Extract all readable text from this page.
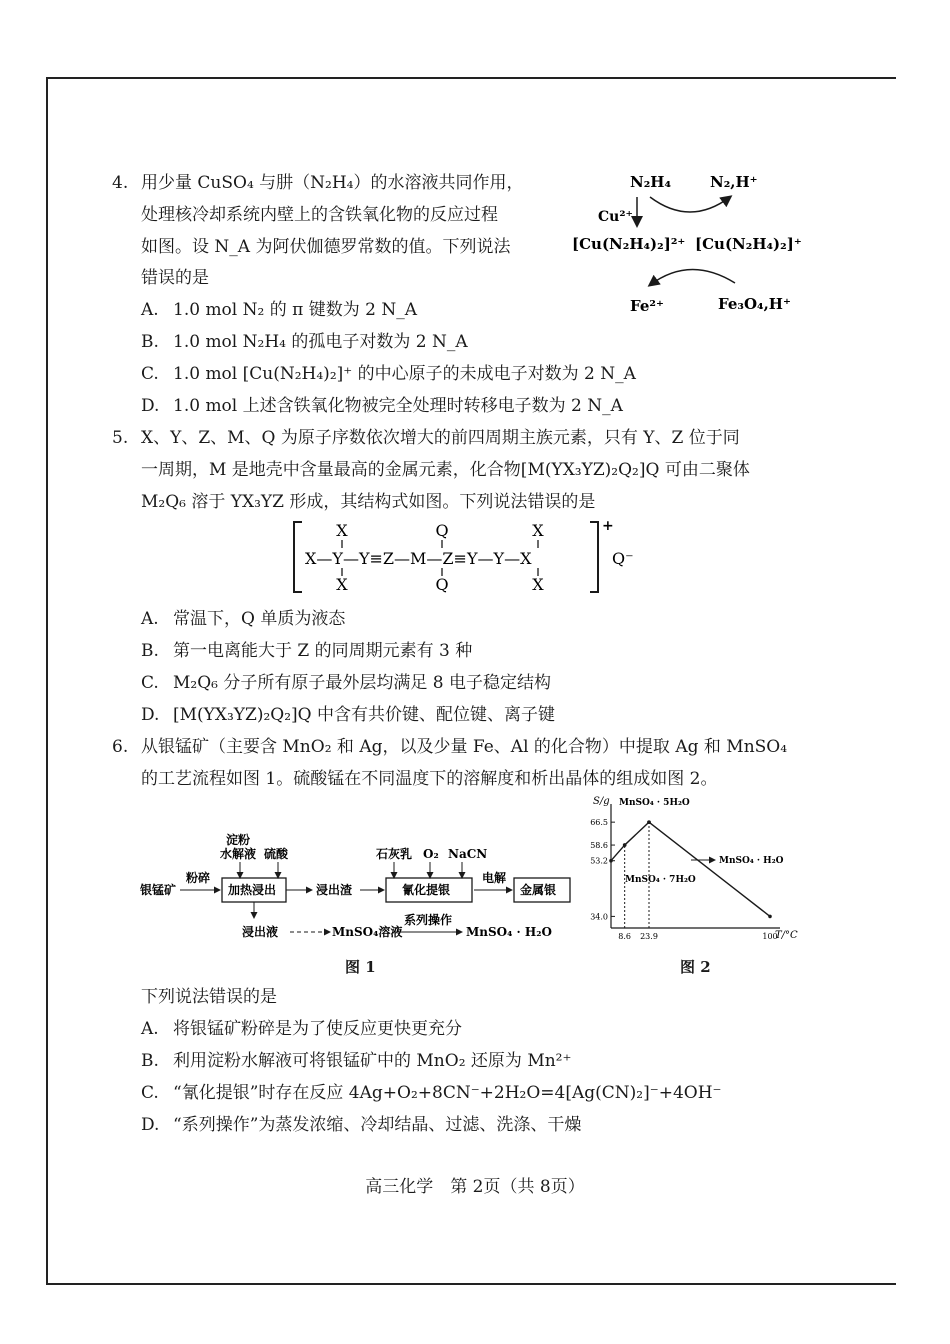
4. 用少量 CuSO₄ 与肼（N₂H₄）的水溶液共同作用，
处理核冷却系统内壁上的含铁氧化物的反应过程
如图。设 N_A 为阿伏伽德罗常数的值。下列说法
错误的是
A. 1.0 mol N₂ 的 π 键数为 2 N_A
B. 1.0 mol N₂H₄ 的孤电子对数为 2 N_A
C. 1.0 mol [Cu(N₂H₄)₂]⁺ 的中心原子的未成电子对数为 2 N_A
D. 1.0 mol 上述含铁氧化物被完全处理时转移电子数为 2 N_A
N₂H₄	N₂,H⁺
Cu²⁺
[Cu(N₂H₄)₂]²⁺ [Cu(N₂H₄)₂]⁺
Fe²⁺	Fe₃O₄,H⁺
5. X、Y、Z、M、Q 为原子序数依次增大的前四周期主族元素，只有 Y、Z 位于同
一周期，M 是地壳中含量最高的金属元素，化合物[M(YX₃YZ)₂Q₂]Q 可由二聚体
M₂Q₆ 溶于 YX₃YZ 形成，其结构式如图。下列说法错误的是
X	Q	X
X—Y—Y≡Z—M—Z≡Y—Y—X
X	Q	X
+
Q⁻
A. 常温下，Q 单质为液态
B. 第一电离能大于 Z 的同周期元素有 3 种
C. M₂Q₆ 分子所有原子最外层均满足 8 电子稳定结构
D. [M(YX₃YZ)₂Q₂]Q 中含有共价键、配位键、离子键
6. 从银锰矿（主要含 MnO₂ 和 Ag，以及少量 Fe、Al 的化合物）中提取 Ag 和 MnSO₄
的工艺流程如图 1。硫酸锰在不同温度下的溶解度和析出晶体的组成如图 2。
淀粉
水解液 硫酸
银锰矿
粉碎
加热浸出	浸出渣
石灰乳 O₂ NaCN
氰化提银
电解
金属银
浸出液	MnSO₄溶液
系列操作
MnSO₄ · H₂O
图 1
S/g
T/°C
34.0
53.2
58.6
66.5
8.6 23.9	100
MnSO₄ · 5H₂O
MnSO₄ · 7H₂O
MnSO₄ · H₂O
图 2
下列说法错误的是
A. 将银锰矿粉碎是为了使反应更快更充分
B. 利用淀粉水解液可将银锰矿中的 MnO₂ 还原为 Mn²⁺
C. “氰化提银”时存在反应 4Ag+O₂+8CN⁻+2H₂O=4[Ag(CN)₂]⁻+4OH⁻
D. “系列操作”为蒸发浓缩、冷却结晶、过滤、洗涤、干燥
高三化学　第 2页（共 8页）
